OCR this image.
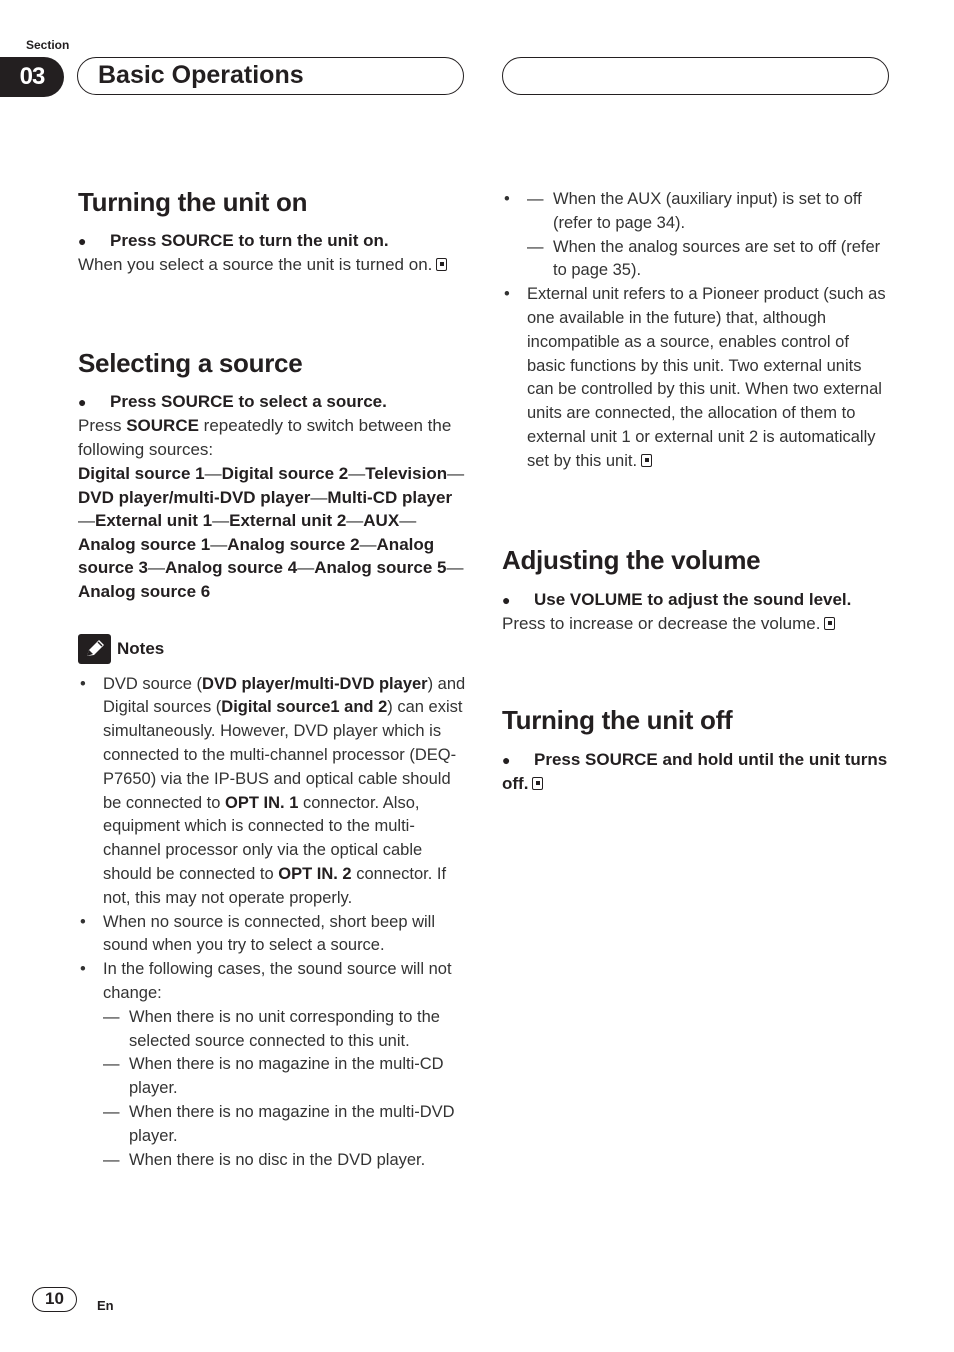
Section
03	Basic Operations
Turning the unit on
●	Press SOURCE to turn the unit on.

When you select a source the unit is turned on.

Selecting a source
●	Press SOURCE to select a source.

Press SOURCE repeatedly to switch between the following sources:

Digital source 1—Digital source 2—Television—DVD player/multi-DVD player—Multi-CD player—External unit 1—External unit 2—AUX—Analog source 1—Analog source 2—Analog source 3—Analog source 4—Analog source 5—Analog source 6
Notes
• DVD source (DVD player/multi-DVD player) and Digital sources (Digital source1 and 2) can exist simultaneously. However, DVD player which is connected to the multi-channel processor (DEQ-P7650) via the IP-BUS and optical cable should be connected to OPT IN. 1 connector. Also, equipment which is connected to the multi-channel processor only via the optical cable should be connected to OPT IN. 2 connector. If not, this may not operate properly.
• When no source is connected, short beep will sound when you try to select a source.
• In the following cases, the sound source will not change:
— When there is no unit corresponding to the selected source connected to this unit.
— When there is no magazine in the multi-CD player.
— When there is no magazine in the multi-DVD player.
— When there is no disc in the DVD player.
— • When the AUX (auxiliary input) is set to off (refer to page 34).
— When the analog sources are set to off (refer to page 35).
• External unit refers to a Pioneer product (such as one available in the future) that, although incompatible as a source, enables control of basic functions by this unit. Two external units can be controlled by this unit. When two external units are connected, the allocation of them to external unit 1 or external unit 2 is automatically set by this unit.
Adjusting the volume
●	Use VOLUME to adjust the sound level.

Press to increase or decrease the volume.

Turning the unit off
● Press SOURCE and hold until the unit turns off.
10	En
